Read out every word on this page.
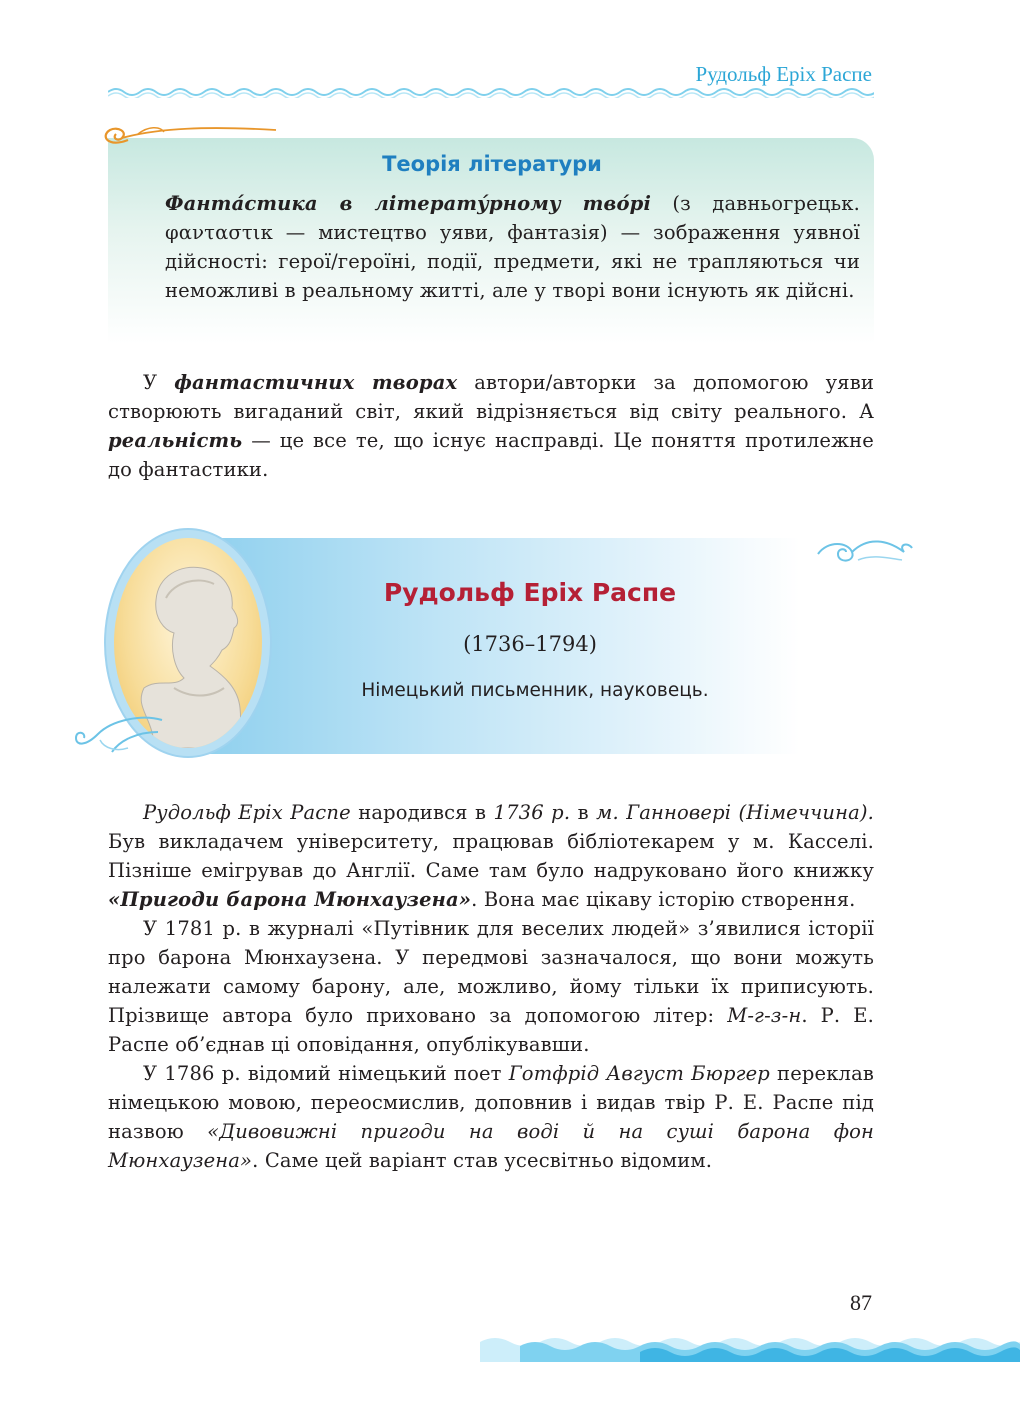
Рудольф Еріх Распе
Теорія літератури
Фанта́стика в літерату́рному тво́рі (з давньогрецьк. φανταστικ — мистецтво уяви, фантазія) — зображення уявної дійсності: герої/героїні, події, предмети, які не трапляються чи неможливі в реальному житті, але у творі вони існують як дійсні.

У фантастичних творах автори/авторки за допомогою уяви створюють вигаданий світ, який відрізняється від світу реального. А реальність — це все те, що існує насправді. Це поняття протилежне до фантастики.

Рудольф Еріх Распе
(1736–1794)
Німецький письменник, науковець.

Рудольф Еріх Распе народився в 1736 р. в м. Ганновері (Німеччина). Був викладачем університету, працював бібліотекарем у м. Касселі. Пізніше емігрував до Англії. Саме там було надруковано його книжку «Пригоди барона Мюнхаузена». Вона має цікаву історію створення.

У 1781 р. в журналі «Путівник для веселих людей» з’явилися історії про барона Мюнхаузена. У передмові зазначалося, що вони можуть належати самому барону, але, можливо, йому тільки їх приписують. Прізвище автора було приховано за допомогою літер: М-г-з-н. Р. Е. Распе об’єднав ці оповідання, опублікувавши.

У 1786 р. відомий німецький поет Готфрід Август Бюргер переклав німецькою мовою, переосмислив, доповнив і видав твір Р. Е. Распе під назвою «Дивовижні пригоди на воді й на суші барона фон Мюнхаузена». Саме цей варіант став усесвітньо відомим.

87
